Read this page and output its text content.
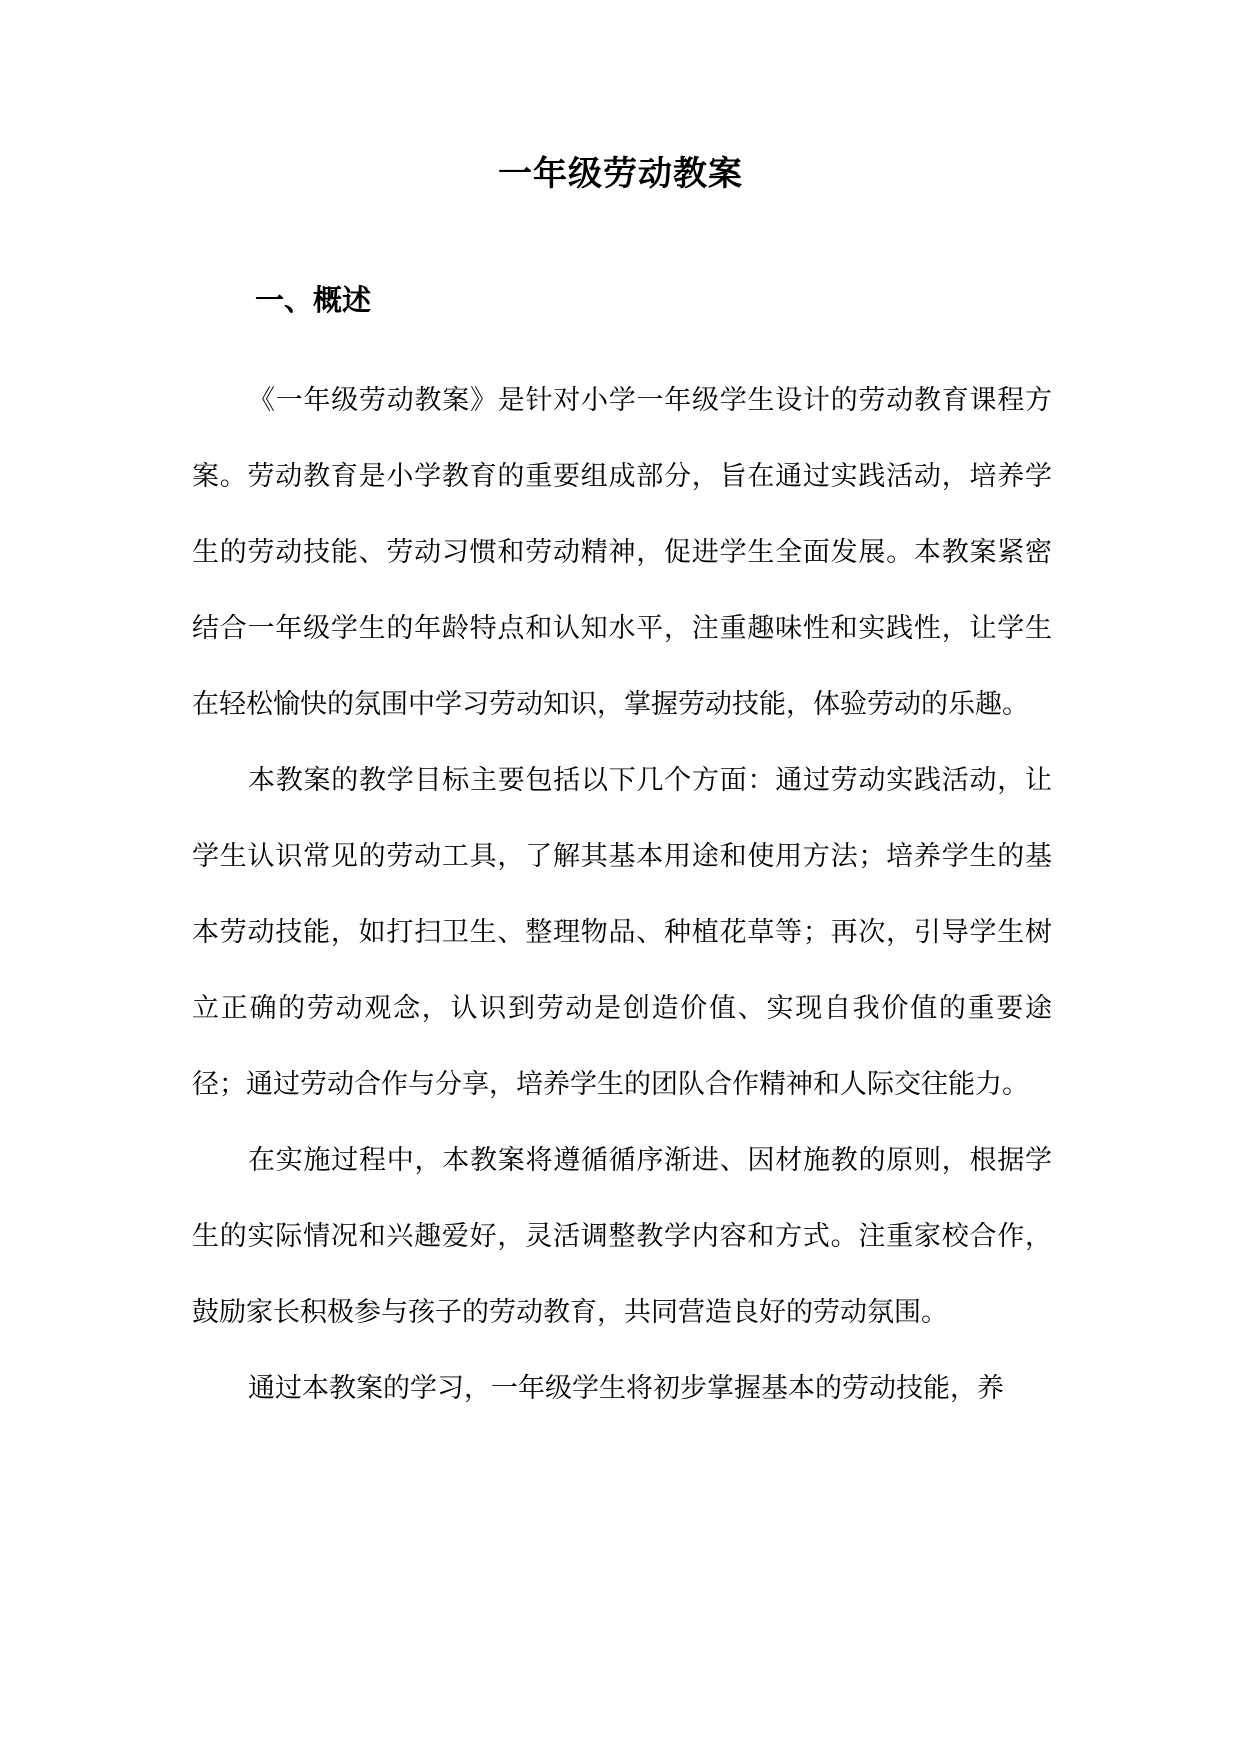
一年级劳动教案
一、概述

《一年级劳动教案》是针对小学一年级学生设计的劳动教育课程方案。劳动教育是小学教育的重要组成部分，旨在通过实践活动，培养学生的劳动技能、劳动习惯和劳动精神，促进学生全面发展。本教案紧密结合一年级学生的年龄特点和认知水平，注重趣味性和实践性，让学生在轻松愉快的氛围中学习劳动知识，掌握劳动技能，体验劳动的乐趣。

本教案的教学目标主要包括以下几个方面：通过劳动实践活动，让学生认识常见的劳动工具，了解其基本用途和使用方法；培养学生的基本劳动技能，如打扫卫生、整理物品、种植花草等；再次，引导学生树立正确的劳动观念，认识到劳动是创造价值、实现自我价值的重要途径；通过劳动合作与分享，培养学生的团队合作精神和人际交往能力。

在实施过程中，本教案将遵循循序渐进、因材施教的原则，根据学生的实际情况和兴趣爱好，灵活调整教学内容和方式。注重家校合作，鼓励家长积极参与孩子的劳动教育，共同营造良好的劳动氛围。

通过本教案的学习，一年级学生将初步掌握基本的劳动技能，养
